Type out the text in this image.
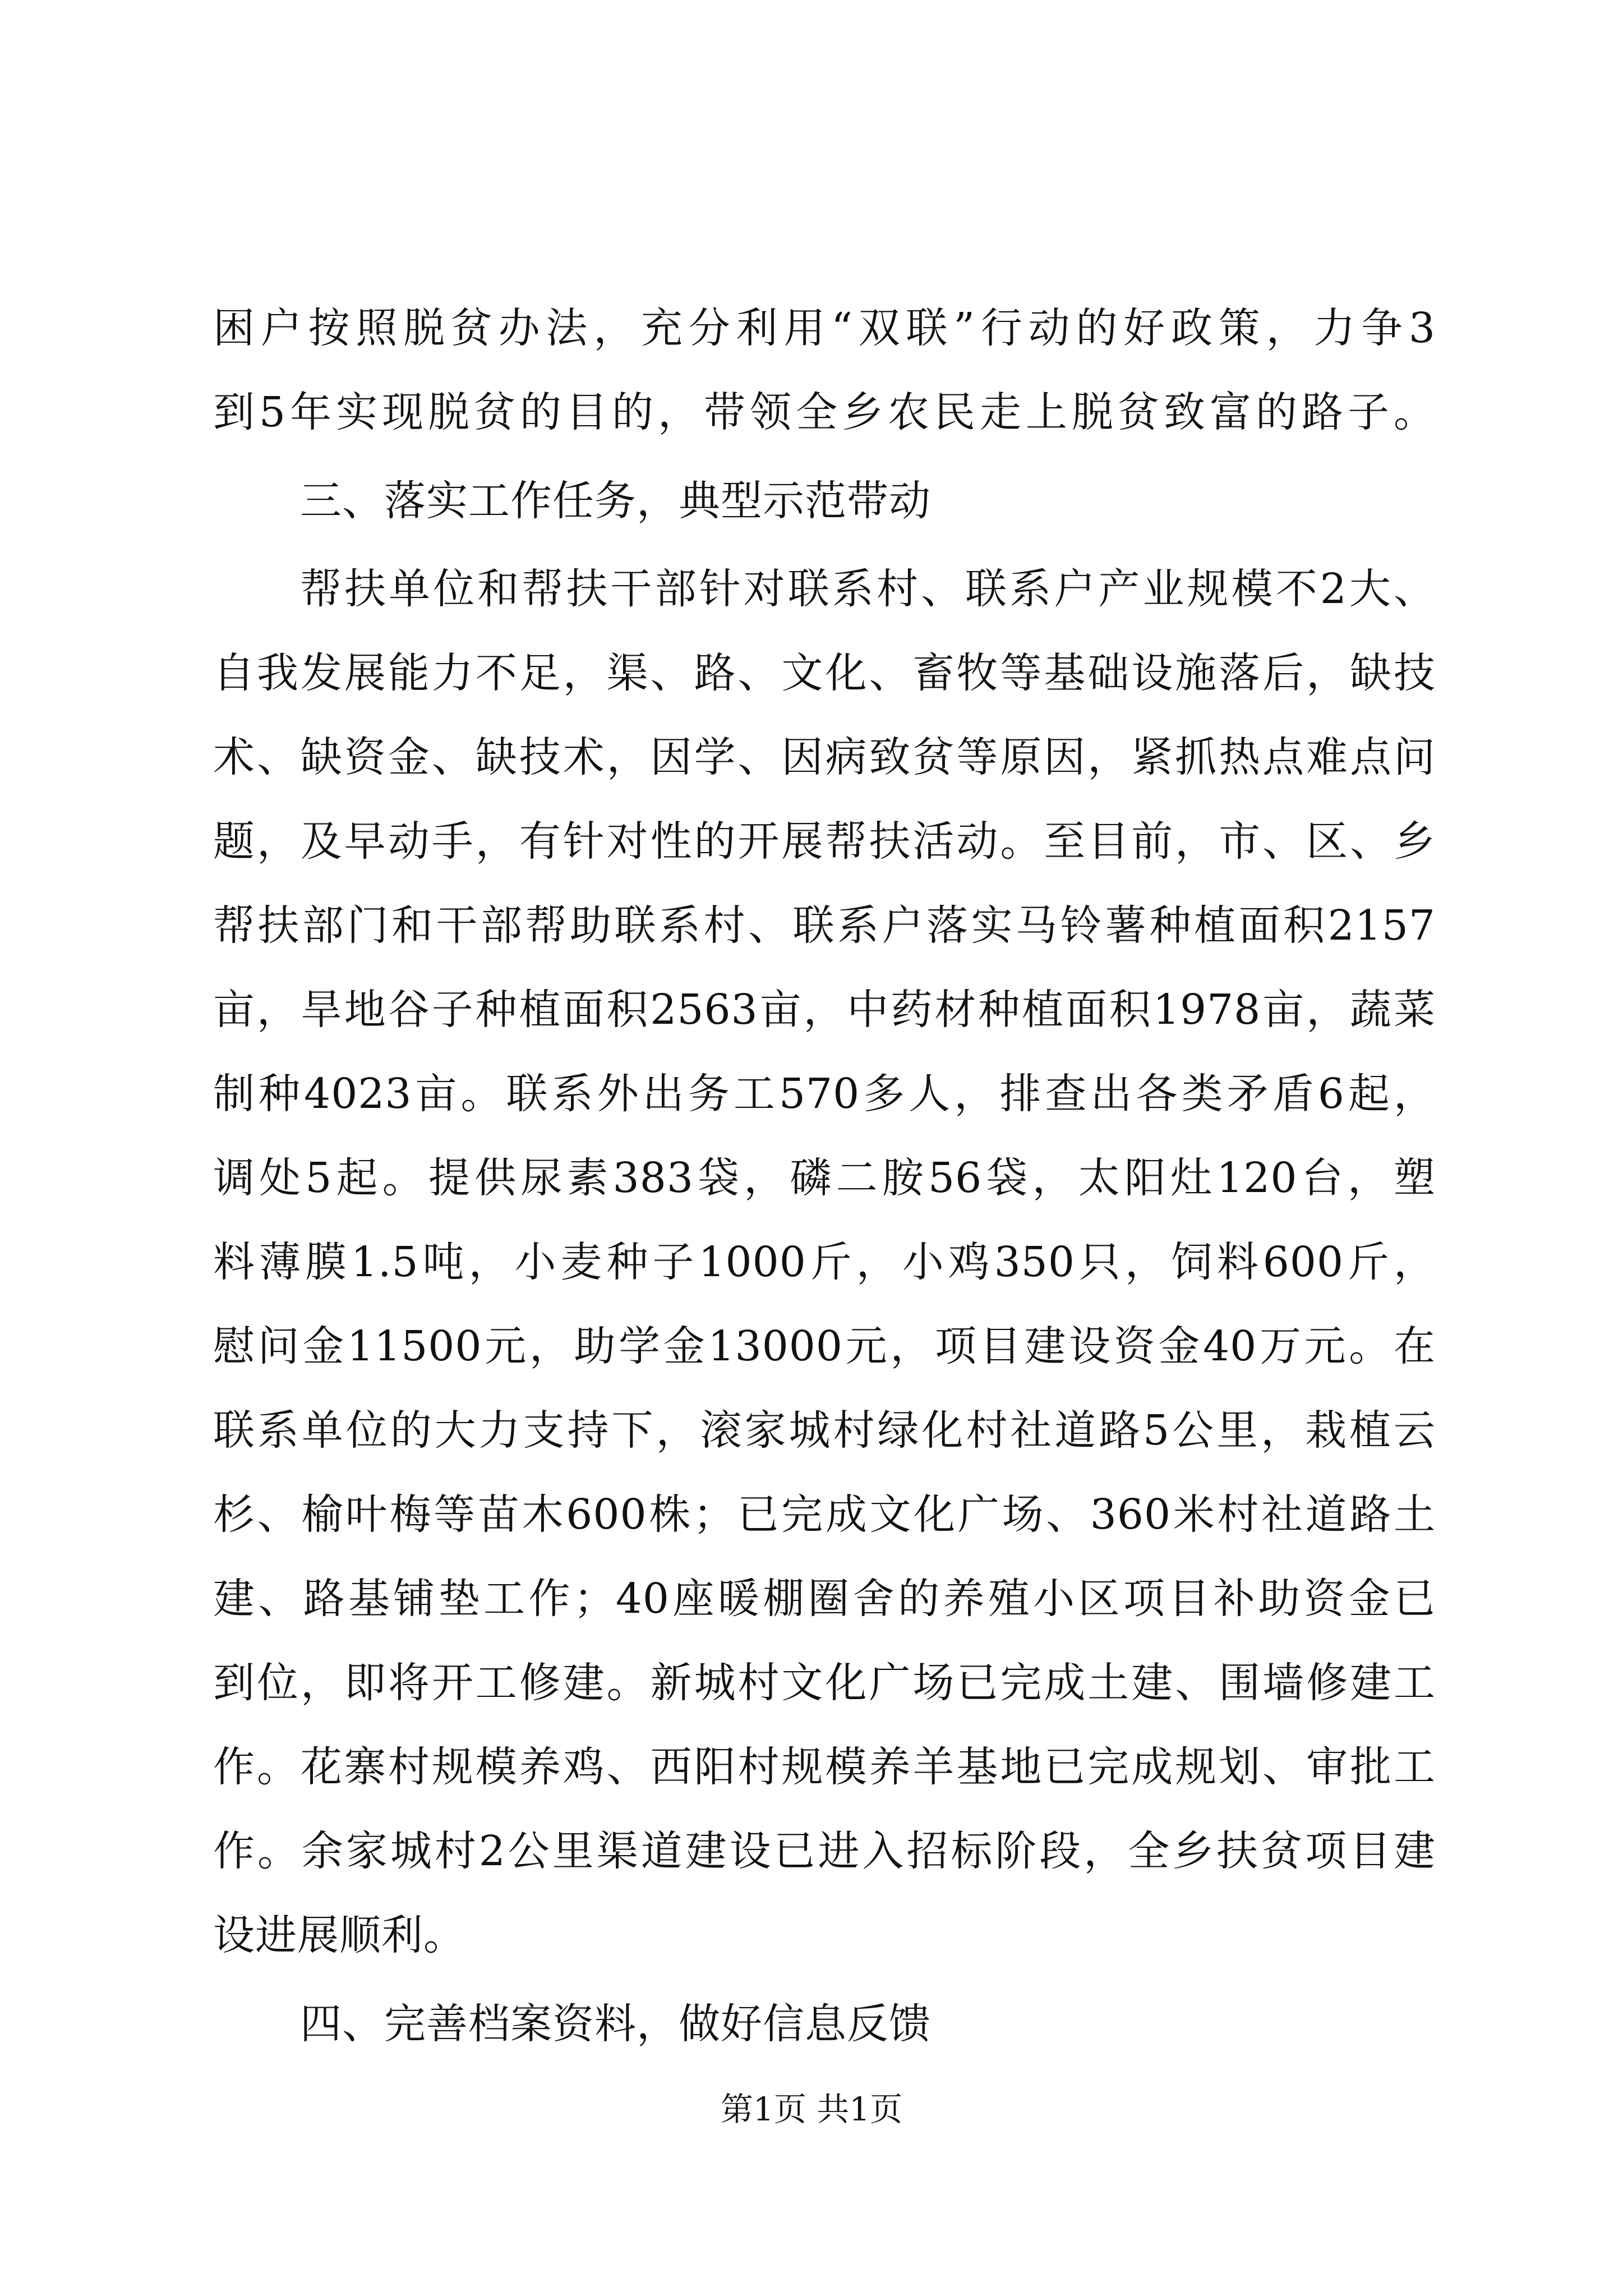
困户按照脱贫办法，充分利用“双联”行动的好政策，力争3
到5年实现脱贫的目的，带领全乡农民走上脱贫致富的路子。
三、落实工作任务，典型示范带动
帮扶单位和帮扶干部针对联系村、联系户产业规模不2大、
自我发展能力不足，渠、路、文化、畜牧等基础设施落后，缺技
术、缺资金、缺技术，因学、因病致贫等原因，紧抓热点难点问
题，及早动手，有针对性的开展帮扶活动。至目前，市、区、乡
帮扶部门和干部帮助联系村、联系户落实马铃薯种植面积2157
亩，旱地谷子种植面积2563亩，中药材种植面积1978亩，蔬菜
制种4023亩。联系外出务工570多人，排查出各类矛盾6起，
调处5起。提供尿素383袋，磷二胺56袋，太阳灶120台，塑
料薄膜1.5吨，小麦种子1000斤，小鸡350只，饲料600斤，
慰问金11500元，助学金13000元，项目建设资金40万元。在
联系单位的大力支持下，滚家城村绿化村社道路5公里，栽植云
杉、榆叶梅等苗木600株；已完成文化广场、360米村社道路土
建、路基铺垫工作；40座暖棚圈舍的养殖小区项目补助资金已
到位，即将开工修建。新城村文化广场已完成土建、围墙修建工
作。花寨村规模养鸡、西阳村规模养羊基地已完成规划、审批工
作。余家城村2公里渠道建设已进入招标阶段，全乡扶贫项目建
设进展顺利。
四、完善档案资料，做好信息反馈
第1页 共1页
